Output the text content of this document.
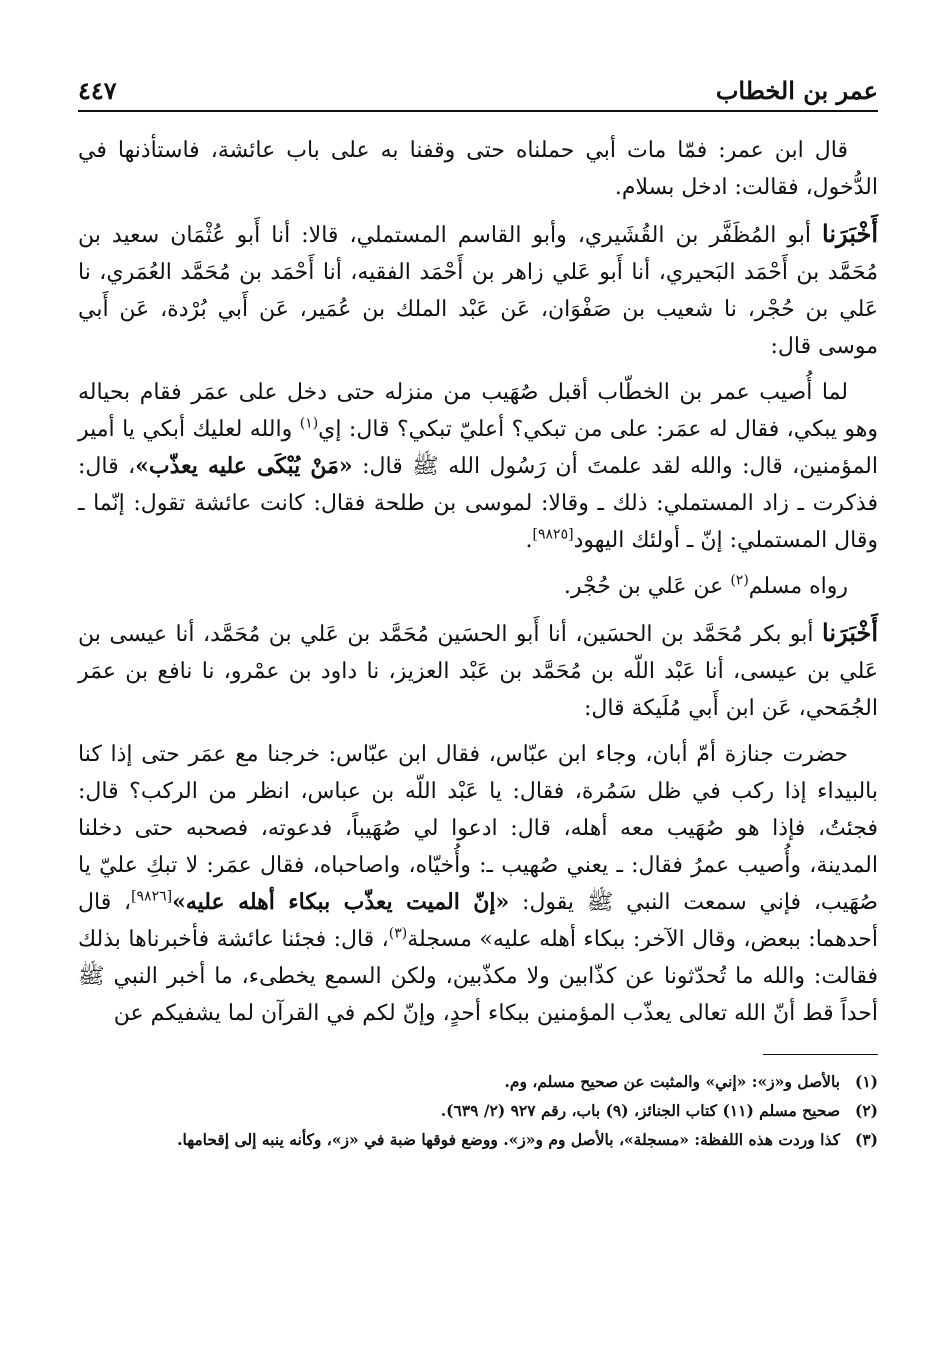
عمر بن الخطاب
٤٤٧

قال ابن عمر: فمّا مات أبي حملناه حتى وقفنا به على باب عائشة، فاستأذنها في الدُّخول، فقالت: ادخل بسلام.

أَخْبَرَنا أبو المُظَفَّر بن القُشَيري، وأبو القاسم المستملي، قالا: أنا أَبو عُثْمَان سعيد بن مُحَمَّد بن أَحْمَد البَحيري، أنا أَبو عَلي زاهر بن أَحْمَد الفقيه، أنا أَحْمَد بن مُحَمَّد العُمَري، نا عَلي بن حُجْر، نا شعيب بن صَفْوَان، عَن عَبْد الملك بن عُمَير، عَن أَبي بُرْدة، عَن أَبي موسى قال:

لما أُصيب عمر بن الخطّاب أقبل صُهَيب من منزله حتى دخل على عمَر فقام بحياله وهو يبكي، فقال له عمَر: على من تبكي؟ أعليّ تبكي؟ قال: إي$^{(١)}$ والله لعليك أبكي يا أمير المؤمنين، قال: والله لقد علمتَ أن رَسُول الله ﷺ قال: «مَنْ يُبْكَى عليه يعذّب»، قال: فذكرت ـ زاد المستملي: ذلك ـ وقالا: لموسى بن طلحة فقال: كانت عائشة تقول: إنّما ـ وقال المستملي: إنّ ـ أولئك اليهود[٩٨٢٥].

رواه مسلم$^{(٢)}$ عن عَلي بن حُجْر.

أَخْبَرَنا أبو بكر مُحَمَّد بن الحسَين، أنا أَبو الحسَين مُحَمَّد بن عَلي بن مُحَمَّد، أنا عيسى بن عَلي بن عيسى، أنا عَبْد اللّه بن مُحَمَّد بن عَبْد العزيز، نا داود بن عمْرو، نا نافع بن عمَر الجُمَحي، عَن ابن أَبي مُلَيكة قال:

حضرت جنازة أمّ أبان، وجاء ابن عبّاس، فقال ابن عبّاس: خرجنا مع عمَر حتى إذا كنا بالبيداء إذا ركب في ظل سَمُرة، فقال: يا عَبْد اللّه بن عباس، انظر من الركب؟ قال: فجئتُ، فإذا هو صُهَيب معه أهله، قال: ادعوا لي صُهَيباً، فدعوته، فصحبه حتى دخلنا المدينة، وأُصيب عمرُ فقال: ـ يعني صُهيب ـ: وأُخيّاه، واصاحباه، فقال عمَر: لا تبكِ عليّ يا صُهَيب، فإني سمعت النبي ﷺ يقول: «إنّ الميت يعذّب ببكاء أهله عليه»[٩٨٢٦]، قال أحدهما: ببعض، وقال الآخر: ببكاء أهله عليه» مسجلة$^{(٣)}$، قال: فجئنا عائشة فأخبرناها بذلك فقالت: والله ما تُحدّثونا عن كذّابين ولا مكذّبين، ولكن السمع يخطىء، ما أخبر النبي ﷺ أحداً قط أنّ الله تعالى يعذّب المؤمنين ببكاء أحدٍ، وإنّ لكم في القرآن لما يشفيكم عن

(١)
بالأصل و«ز»: «إني» والمثبت عن صحيح مسلم، وم.
(٢)
صحيح مسلم (١١) كتاب الجنائز، (٩) باب، رقم ٩٢٧ (٢/ ٦٣٩).
(٣)
كذا وردت هذه اللفظة: «مسجلة»، بالأصل وم و«ز». ووضع فوقها ضبة في «ز»، وكأنه ينبه إلى إقحامها.
